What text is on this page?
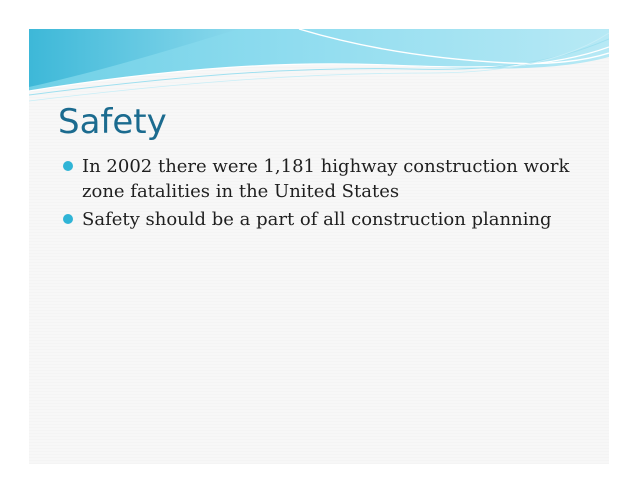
Safety
In 2002 there were 1,181 highway construction work zone fatalities in the United States
Safety should be a part of all construction planning
